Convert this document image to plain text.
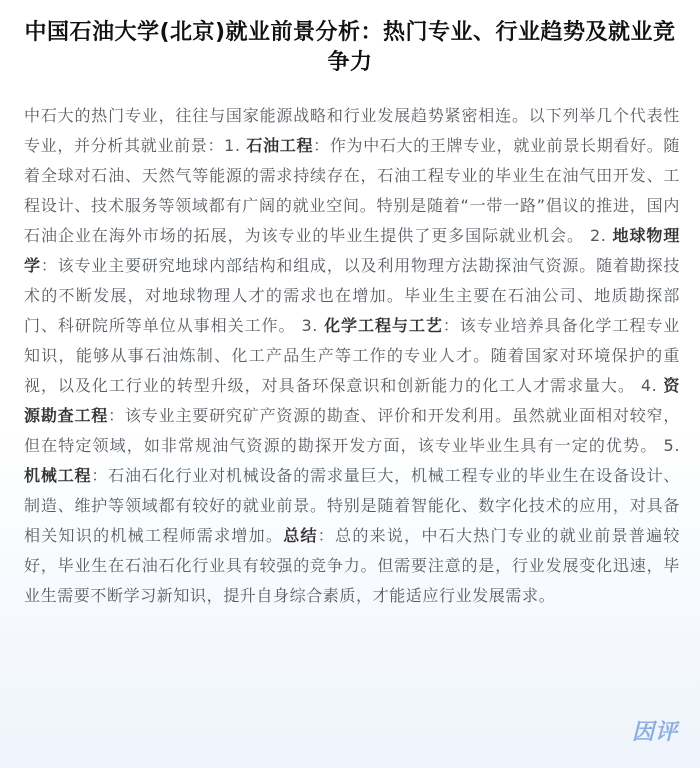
中国石油大学(北京)就业前景分析：热门专业、行业趋势及就业竞争力

中石大的热门专业，往往与国家能源战略和行业发展趋势紧密相连。以下列举几个代表性专业，并分析其就业前景：1. 石油工程：作为中石大的王牌专业，就业前景长期看好。随着全球对石油、天然气等能源的需求持续存在，石油工程专业的毕业生在油气田开发、工程设计、技术服务等领域都有广阔的就业空间。特别是随着“一带一路”倡议的推进，国内石油企业在海外市场的拓展，为该专业的毕业生提供了更多国际就业机会。 2. 地球物理学：该专业主要研究地球内部结构和组成，以及利用物理方法勘探油气资源。随着勘探技术的不断发展，对地球物理人才的需求也在增加。毕业生主要在石油公司、地质勘探部门、科研院所等单位从事相关工作。 3. 化学工程与工艺：该专业培养具备化学工程专业知识，能够从事石油炼制、化工产品生产等工作的专业人才。随着国家对环境保护的重视，以及化工行业的转型升级，对具备环保意识和创新能力的化工人才需求量大。 4. 资源勘查工程：该专业主要研究矿产资源的勘查、评价和开发利用。虽然就业面相对较窄，但在特定领域，如非常规油气资源的勘探开发方面，该专业毕业生具有一定的优势。 5. 机械工程：石油石化行业对机械设备的需求量巨大，机械工程专业的毕业生在设备设计、制造、维护等领域都有较好的就业前景。特别是随着智能化、数字化技术的应用，对具备相关知识的机械工程师需求增加。总结：总的来说，中石大热门专业的就业前景普遍较好，毕业生在石油石化行业具有较强的竞争力。但需要注意的是，行业发展变化迅速，毕业生需要不断学习新知识，提升自身综合素质，才能适应行业发展需求。

因评
